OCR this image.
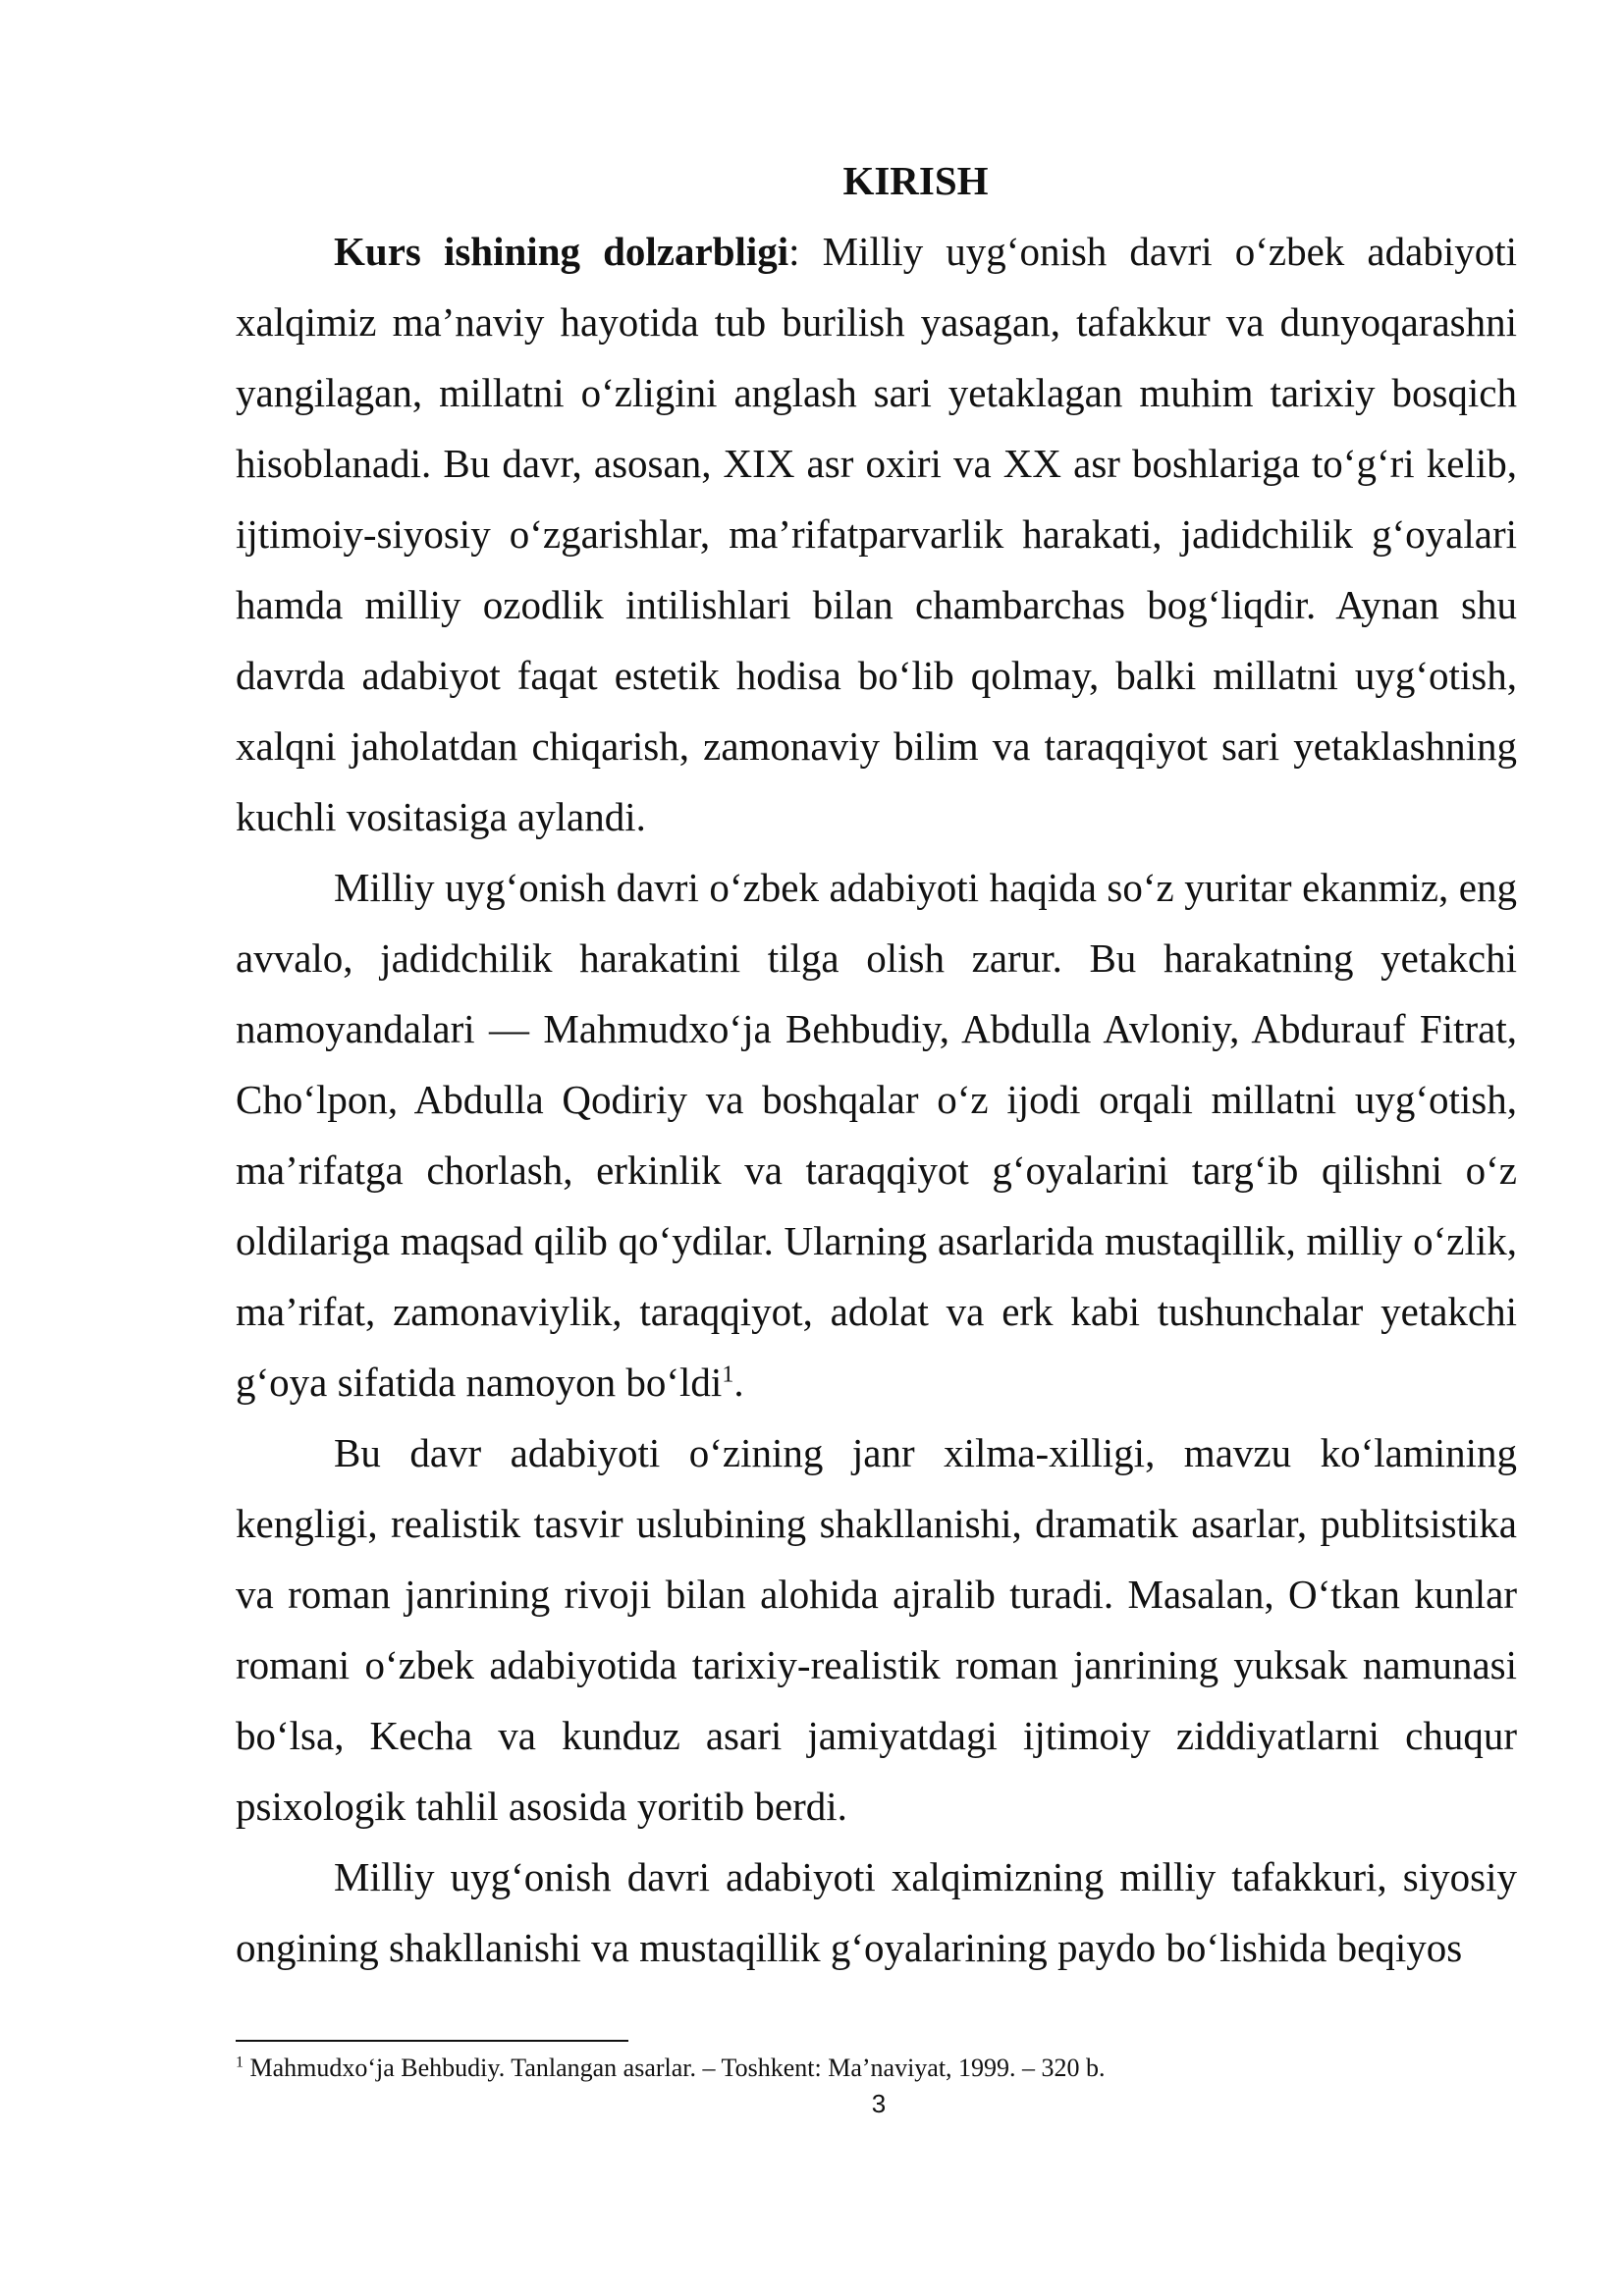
KIRISH

Kurs ishining dolzarbligi: Milliy uyg‘onish davri o‘zbek adabiyoti xalqimiz ma’naviy hayotida tub burilish yasagan, tafakkur va dunyoqarashni yangilagan, millatni o‘zligini anglash sari yetaklagan muhim tarixiy bosqich hisoblanadi. Bu davr, asosan, XIX asr oxiri va XX asr boshlariga to‘g‘ri kelib, ijtimoiy-siyosiy o‘zgarishlar, ma’rifatparvarlik harakati, jadidchilik g‘oyalari hamda milliy ozodlik intilishlari bilan chambarchas bog‘liqdir. Aynan shu davrda adabiyot faqat estetik hodisa bo‘lib qolmay, balki millatni uyg‘otish, xalqni jaholatdan chiqarish, zamonaviy bilim va taraqqiyot sari yetaklashning kuchli vositasiga aylandi.

Milliy uyg‘onish davri o‘zbek adabiyoti haqida so‘z yuritar ekanmiz, eng avvalo, jadidchilik harakatini tilga olish zarur. Bu harakatning yetakchi namoyandalari — Mahmudxo‘ja Behbudiy, Abdulla Avloniy, Abdurauf Fitrat, Cho‘lpon, Abdulla Qodiriy va boshqalar o‘z ijodi orqali millatni uyg‘otish, ma’rifatga chorlash, erkinlik va taraqqiyot g‘oyalarini targ‘ib qilishni o‘z oldilariga maqsad qilib qo‘ydilar. Ularning asarlarida mustaqillik, milliy o‘zlik, ma’rifat, zamonaviylik, taraqqiyot, adolat va erk kabi tushunchalar yetakchi g‘oya sifatida namoyon bo‘ldi$^1$.

Bu davr adabiyoti o‘zining janr xilma-xilligi, mavzu ko‘lamining kengligi, realistik tasvir uslubining shakllanishi, dramatik asarlar, publitsistika va roman janrining rivoji bilan alohida ajralib turadi. Masalan, O‘tkan kunlar romani o‘zbek adabiyotida tarixiy-realistik roman janrining yuksak namunasi bo‘lsa, Kecha va kunduz asari jamiyatdagi ijtimoiy ziddiyatlarni chuqur psixologik tahlil asosida yoritib berdi.

Milliy uyg‘onish davri adabiyoti xalqimizning milliy tafakkuri, siyosiy ongining shakllanishi va mustaqillik g‘oyalarining paydo bo‘lishida beqiyos

$^1$ Mahmudxo‘ja Behbudiy. Tanlangan asarlar. – Toshkent: Ma’naviyat, 1999. – 320 b.

3
